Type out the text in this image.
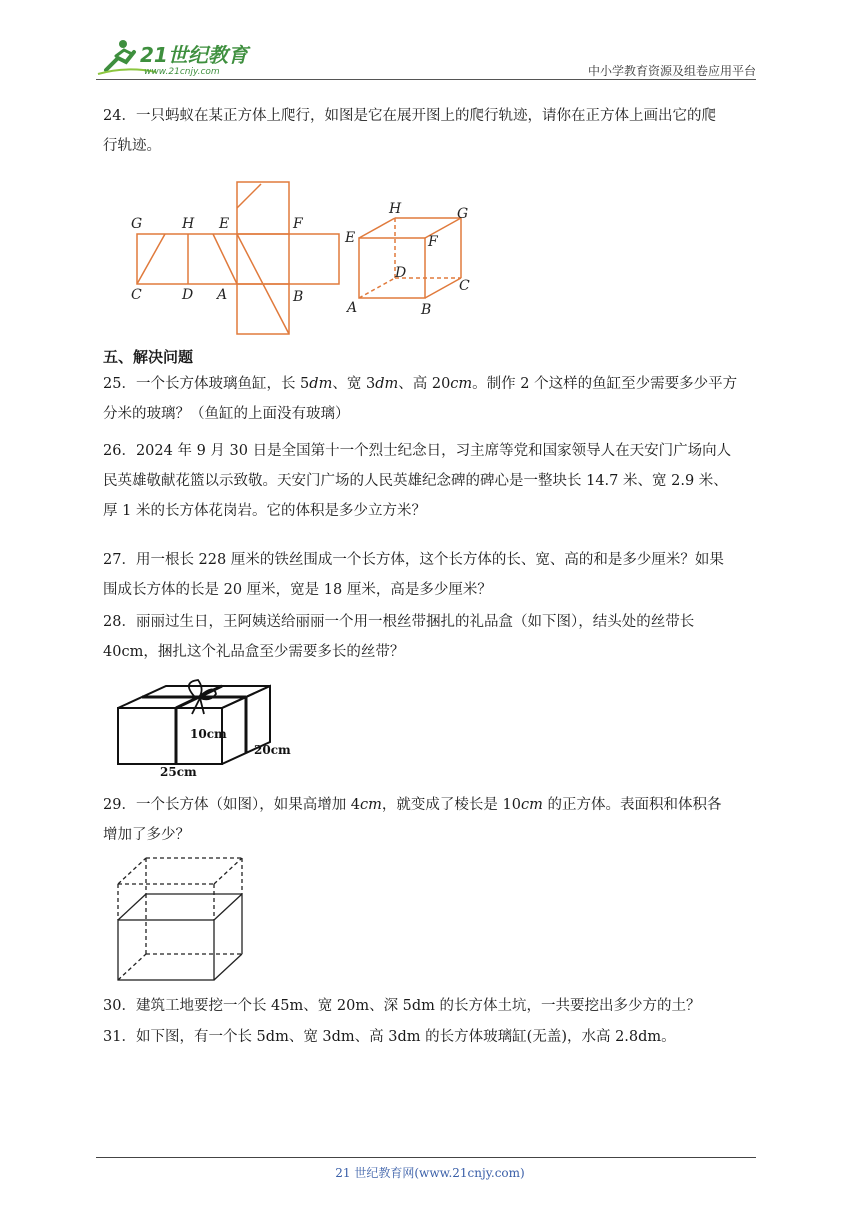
21世纪教育
www.21cnjy.com	中小学教育资源及组卷应用平台
24．一只蚂蚁在某正方体上爬行，如图是它在展开图上的爬行轨迹，请你在正方体上画出它的爬
行轨迹。
G	H E	F
C	D A	B
H	G
E	F
D
C
A	B
五、解决问题
25．一个长方体玻璃鱼缸，长 5dm、宽 3dm、高 20cm。制作 2 个这样的鱼缸至少需要多少平方
分米的玻璃？（鱼缸的上面没有玻璃）
26．2024 年 9 月 30 日是全国第十一个烈士纪念日，习主席等党和国家领导人在天安门广场向人
民英雄敬献花篮以示致敬。天安门广场的人民英雄纪念碑的碑心是一整块长 14.7 米、宽 2.9 米、
厚 1 米的长方体花岗岩。它的体积是多少立方米？
27．用一根长 228 厘米的铁丝围成一个长方体，这个长方体的长、宽、高的和是多少厘米？如果
围成长方体的长是 20 厘米，宽是 18 厘米，高是多少厘米？
28．丽丽过生日，王阿姨送给丽丽一个用一根丝带捆扎的礼品盒（如下图），结头处的丝带长
40cm，捆扎这个礼品盒至少需要多长的丝带？
10cm
20cm
25cm
29．一个长方体（如图），如果高增加 4cm，就变成了棱长是 10cm 的正方体。表面积和体积各
增加了多少？
30．建筑工地要挖一个长 45m、宽 20m、深 5dm 的长方体土坑，一共要挖出多少方的土？
31．如下图，有一个长 5dm、宽 3dm、高 3dm 的长方体玻璃缸(无盖)，水高 2.8dm。
21 世纪教育网(www.21cnjy.com)
